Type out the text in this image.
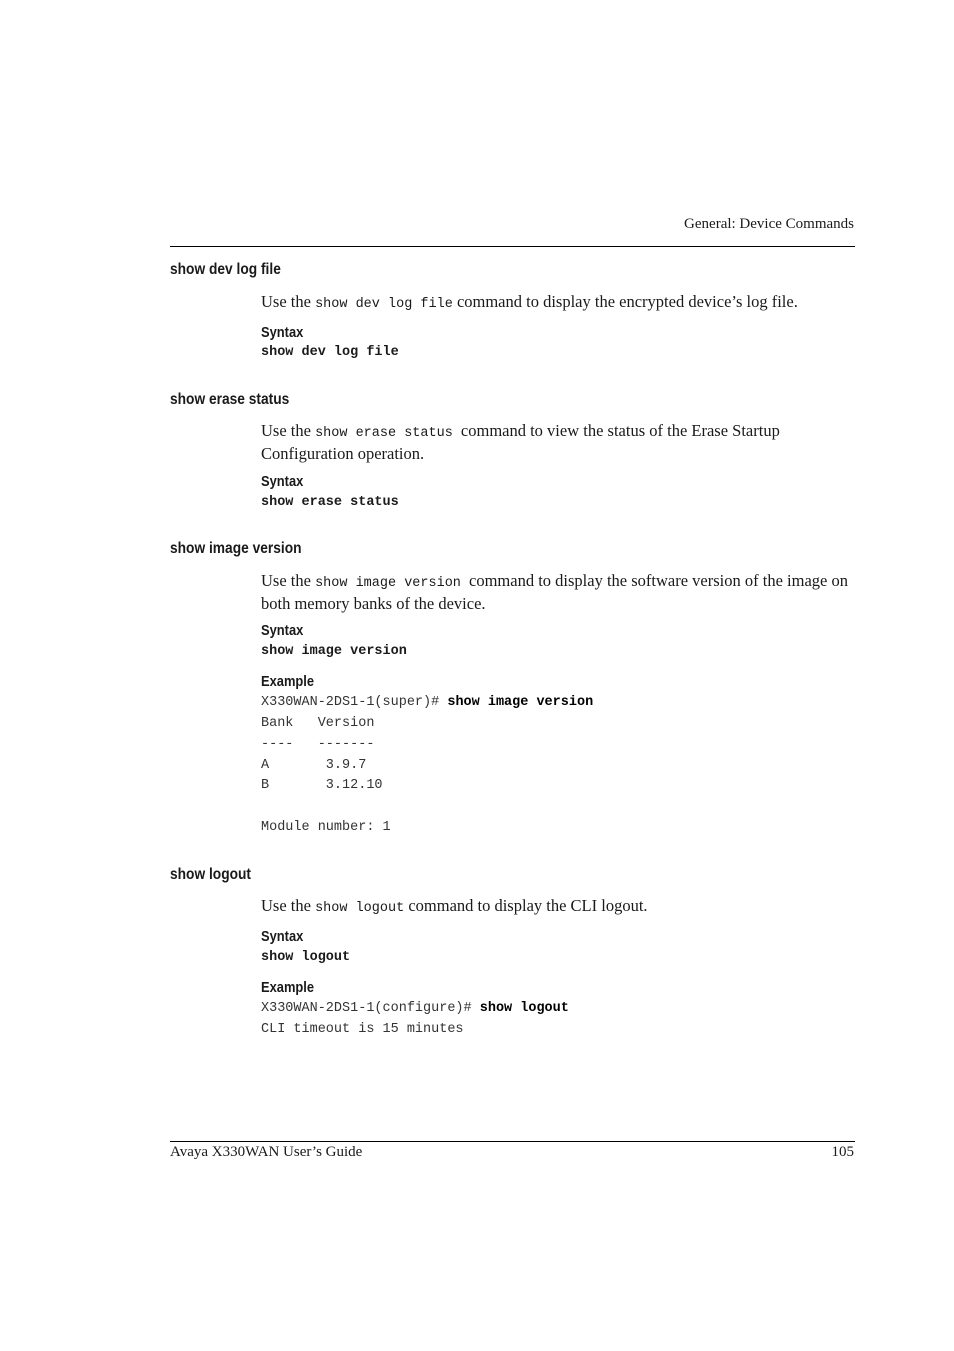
General: Device Commands
show dev log file
Use the show dev log file command to display the encrypted device’s log file.
Syntax
show dev log file
show erase status
Use the show erase status command to view the status of the Erase Startup Configuration operation.
Syntax
show erase status
show image version
Use the show image version command to display the software version of the image on both memory banks of the device.
Syntax
show image version
Example
X330WAN-2DS1-1(super)# show image version
Bank   Version
----   -------
A       3.9.7
B       3.12.10
Module number: 1
show logout
Use the show logout command to display the CLI logout.
Syntax
show logout
Example
X330WAN-2DS1-1(configure)# show logout
CLI timeout is 15 minutes
Avaya X330WAN User’s Guide	105
